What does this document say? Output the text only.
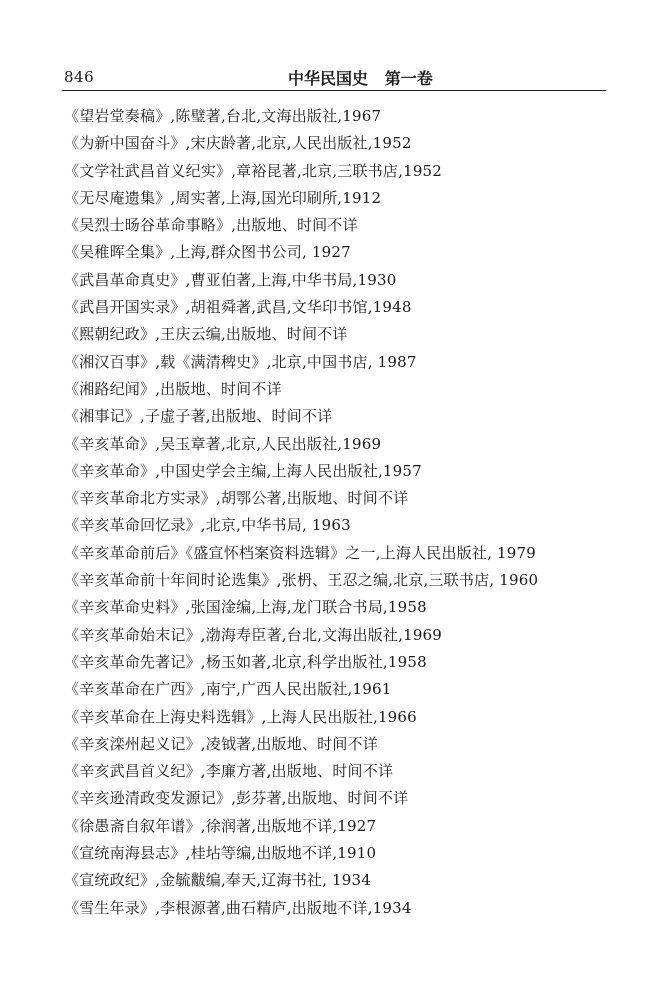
846	中华民国史   第一卷
《望岩堂奏稿》,陈璧著,台北,文海出版社,1967
《为新中国奋斗》,宋庆龄著,北京,人民出版社,1952
《文学社武昌首义纪实》,章裕昆著,北京,三联书店,1952
《无尽庵遗集》,周实著,上海,国光印刷所,1912
《吴烈士旸谷革命事略》,出版地、时间不详
《吴稚晖全集》,上海,群众图书公司, 1927
《武昌革命真史》,曹亚伯著,上海,中华书局,1930
《武昌开国实录》,胡祖舜著,武昌,文华印书馆,1948
《熙朝纪政》,王庆云编,出版地、时间不详
《湘汉百事》,载《满清稗史》,北京,中国书店, 1987
《湘路纪闻》,出版地、时间不详
《湘事记》,子虚子著,出版地、时间不详
《辛亥革命》,吴玉章著,北京,人民出版社,1969
《辛亥革命》,中国史学会主编,上海人民出版社,1957
《辛亥革命北方实录》,胡鄂公著,出版地、时间不详
《辛亥革命回忆录》,北京,中华书局, 1963
《辛亥革命前后》《盛宣怀档案资料选辑》之一,上海人民出版社, 1979
《辛亥革命前十年间时论选集》,张枬、王忍之编,北京,三联书店, 1960
《辛亥革命史料》,张国淦编,上海,龙门联合书局,1958
《辛亥革命始末记》,渤海寿臣著,台北,文海出版社,1969
《辛亥革命先著记》,杨玉如著,北京,科学出版社,1958
《辛亥革命在广西》,南宁,广西人民出版社,1961
《辛亥革命在上海史料选辑》,上海人民出版社,1966
《辛亥滦州起义记》,凌钺著,出版地、时间不详
《辛亥武昌首义纪》,李廉方著,出版地、时间不详
《辛亥逊清政变发源记》,彭芬著,出版地、时间不详
《徐愚斋自叙年谱》,徐润著,出版地不详,1927
《宣统南海县志》,桂坫等编,出版地不详,1910
《宣统政纪》,金毓黻编,奉天,辽海书社, 1934
《雪生年录》,李根源著,曲石精庐,出版地不详,1934
